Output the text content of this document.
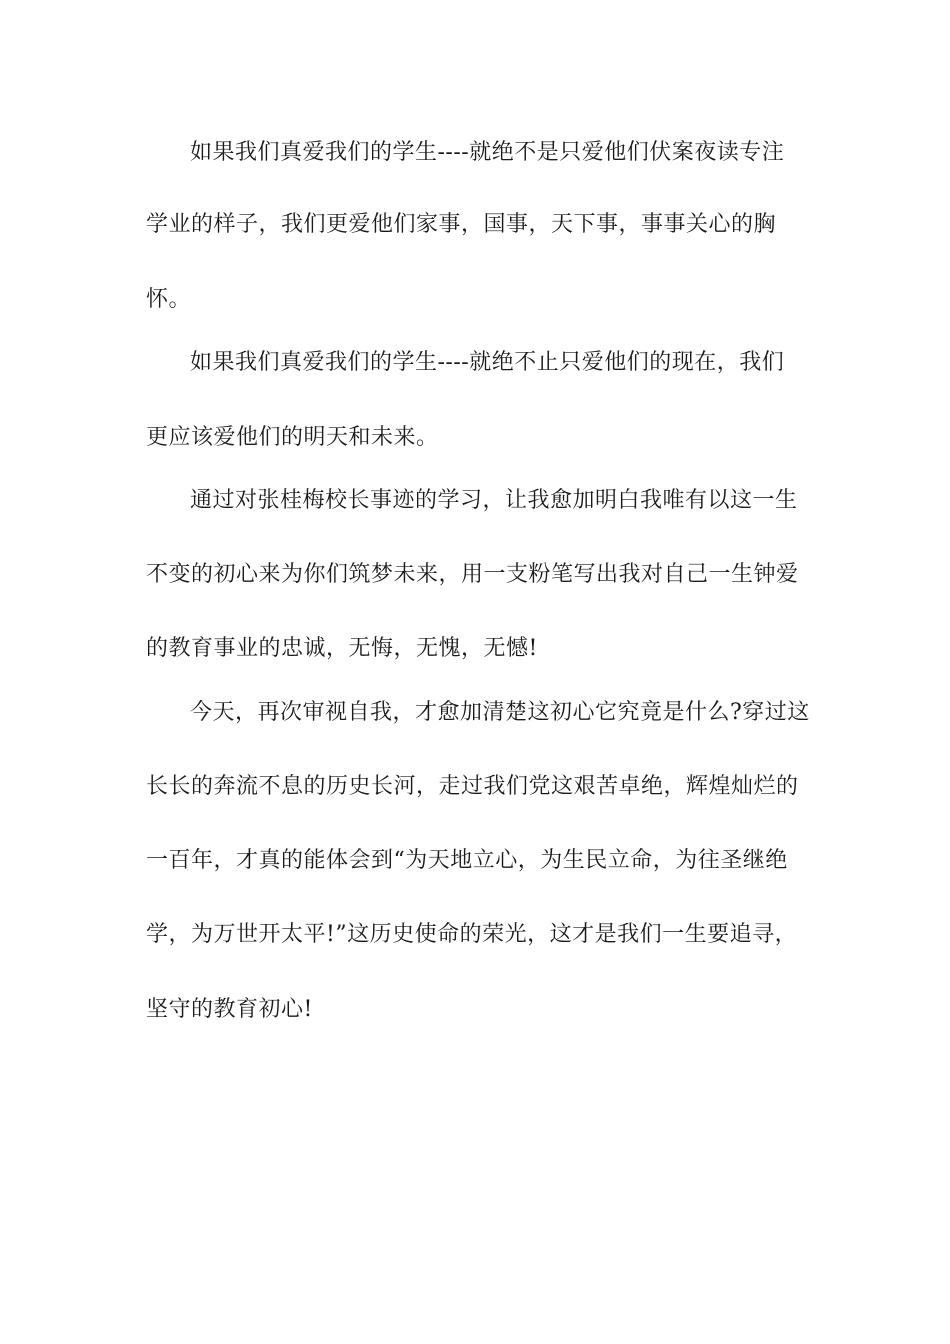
如果我们真爱我们的学生----就绝不是只爱他们伏案夜读专注
学业的样子，我们更爱他们家事，国事，天下事，事事关心的胸
怀。
如果我们真爱我们的学生----就绝不止只爱他们的现在，我们
更应该爱他们的明天和未来。
通过对张桂梅校长事迹的学习，让我愈加明白我唯有以这一生
不变的初心来为你们筑梦未来，用一支粉笔写出我对自己一生钟爱
的教育事业的忠诚，无悔，无愧，无憾!
今天，再次审视自我，才愈加清楚这初心它究竟是什么?穿过这
长长的奔流不息的历史长河，走过我们党这艰苦卓绝，辉煌灿烂的
一百年，才真的能体会到“为天地立心，为生民立命，为往圣继绝
学，为万世开太平!”这历史使命的荣光，这才是我们一生要追寻，
坚守的教育初心!
